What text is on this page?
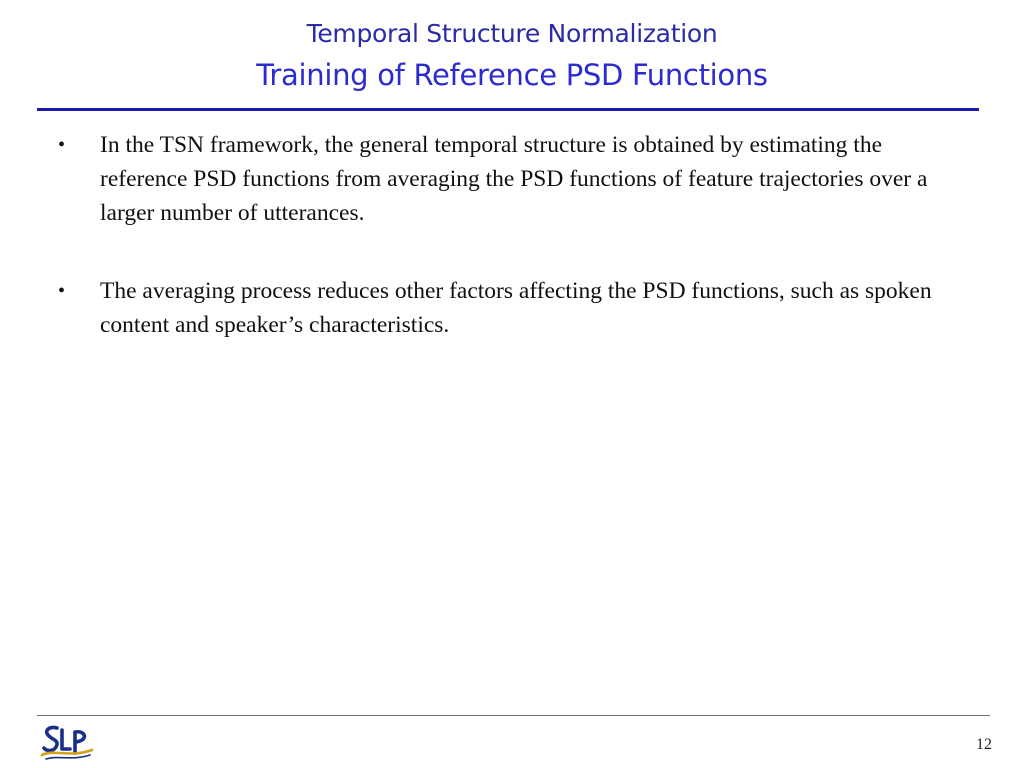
Temporal Structure Normalization
Training of Reference PSD Functions
•	In the TSN framework, the general temporal structure is obtained by estimating the reference PSD functions from averaging the PSD functions of feature trajectories over a larger number of utterances.
•	The averaging process reduces other factors affecting the PSD functions, such as spoken content and speaker’s characteristics.
12
